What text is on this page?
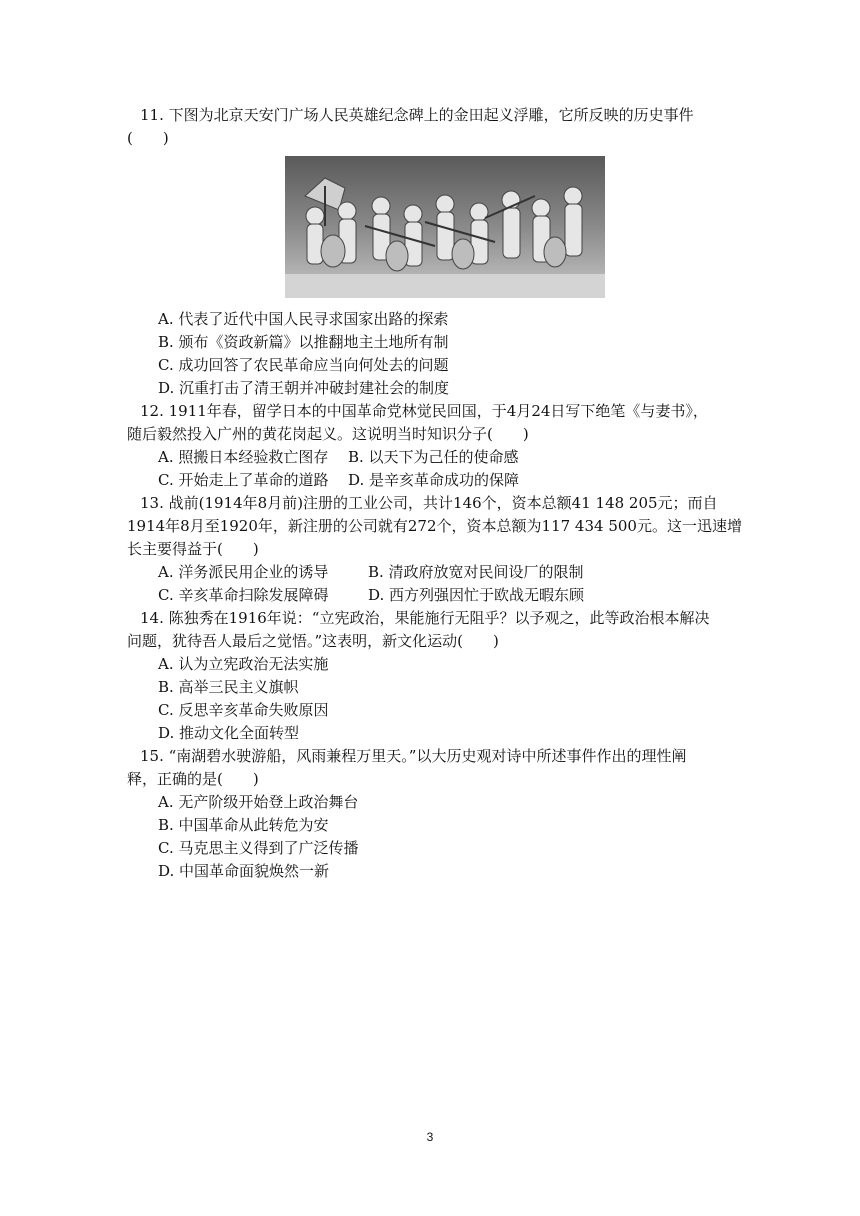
11. 下图为北京天安门广场人民英雄纪念碑上的金田起义浮雕，它所反映的历史事件
(　　)
A. 代表了近代中国人民寻求国家出路的探索
B. 颁布《资政新篇》以推翻地主土地所有制
C. 成功回答了农民革命应当向何处去的问题
D. 沉重打击了清王朝并冲破封建社会的制度
12. 1911年春，留学日本的中国革命党林觉民回国，于4月24日写下绝笔《与妻书》，
随后毅然投入广州的黄花岗起义。这说明当时知识分子(　　)
A. 照搬日本经验救亡图存 B. 以天下为己任的使命感
C. 开始走上了革命的道路 D. 是辛亥革命成功的保障
13. 战前(1914年8月前)注册的工业公司，共计146个，资本总额41 148 205元；而自
1914年8月至1920年，新注册的公司就有272个，资本总额为117 434 500元。这一迅速增
长主要得益于(　　)
A. 洋务派民用企业的诱导	B. 清政府放宽对民间设厂的限制
C. 辛亥革命扫除发展障碍	D. 西方列强因忙于欧战无暇东顾
14. 陈独秀在1916年说：“立宪政治，果能施行无阻乎？以予观之，此等政治根本解决
问题，犹待吾人最后之觉悟。”这表明，新文化运动(　　)
A. 认为立宪政治无法实施
B. 高举三民主义旗帜
C. 反思辛亥革命失败原因
D. 推动文化全面转型
15. “南湖碧水驶游船，风雨兼程万里天。”以大历史观对诗中所述事件作出的理性阐
释，正确的是(　　)
A. 无产阶级开始登上政治舞台
B. 中国革命从此转危为安
C. 马克思主义得到了广泛传播
D. 中国革命面貌焕然一新
3
